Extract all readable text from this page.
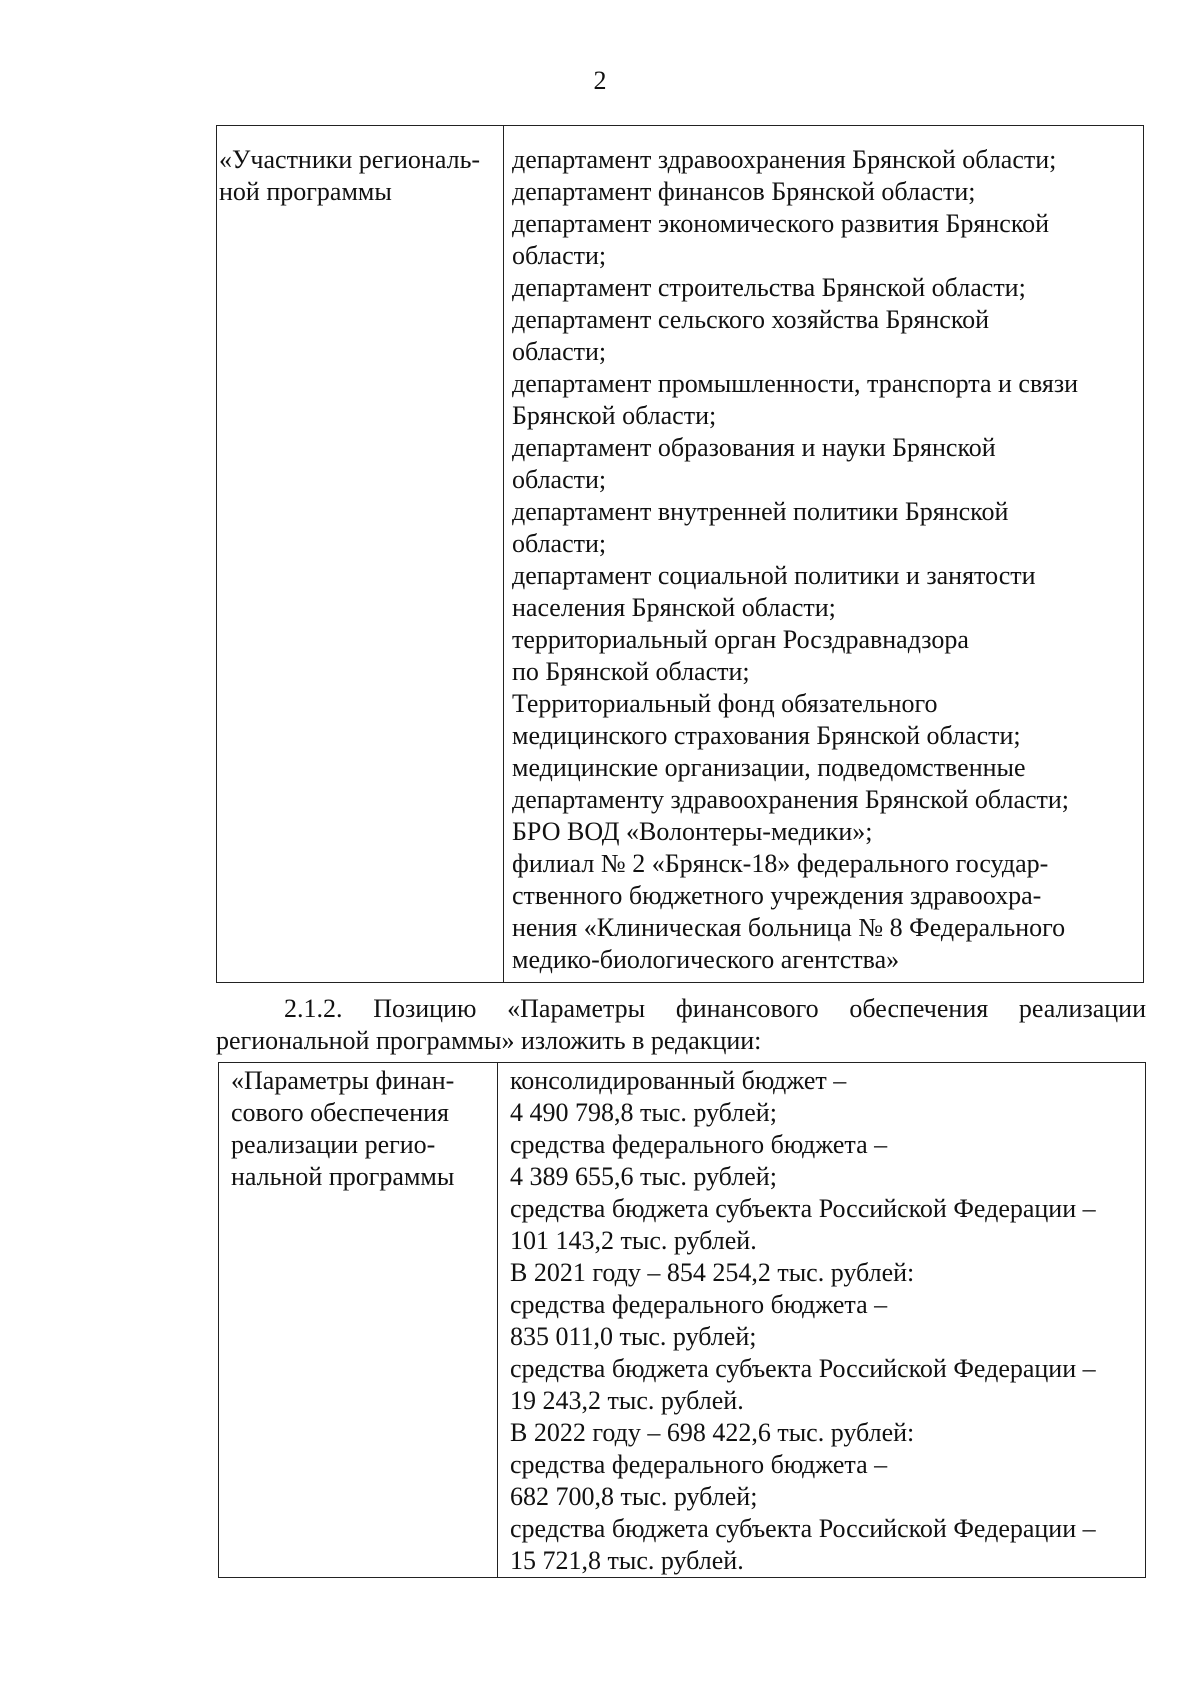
2
«Участники региональ-
ной программы

департамент здравоохранения Брянской области;
департамент финансов Брянской области;
департамент экономического развития Брянской
области;
департамент строительства Брянской области;
департамент сельского хозяйства Брянской
области;
департамент промышленности, транспорта и связи
Брянской области;
департамент образования и науки Брянской
области;
департамент внутренней политики Брянской
области;
департамент социальной политики и занятости
населения Брянской области;
территориальный орган Росздравнадзора
по Брянской области;
Территориальный фонд обязательного
медицинского страхования Брянской области;
медицинские организации, подведомственные
департаменту здравоохранения Брянской области;
БРО ВОД «Волонтеры-медики»;
филиал № 2 «Брянск-18» федерального государ-
ственного бюджетного учреждения здравоохра-
нения «Клиническая больница № 8 Федерального
медико-биологического агентства»
2.1.2. Позицию «Параметры финансового обеспечения реализации
региональной программы» изложить в редакции:
«Параметры финан-
сового обеспечения
реализации регио-
нальной программы

консолидированный бюджет –
4 490 798,8 тыс. рублей;
средства федерального бюджета –
4 389 655,6 тыс. рублей;
средства бюджета субъекта Российской Федерации –
101 143,2 тыс. рублей.
В 2021 году – 854 254,2 тыс. рублей:
средства федерального бюджета –
835 011,0 тыс. рублей;
средства бюджета субъекта Российской Федерации –
19 243,2 тыс. рублей.
В 2022 году – 698 422,6 тыс. рублей:
средства федерального бюджета –
682 700,8 тыс. рублей;
средства бюджета субъекта Российской Федерации –
15 721,8 тыс. рублей.
